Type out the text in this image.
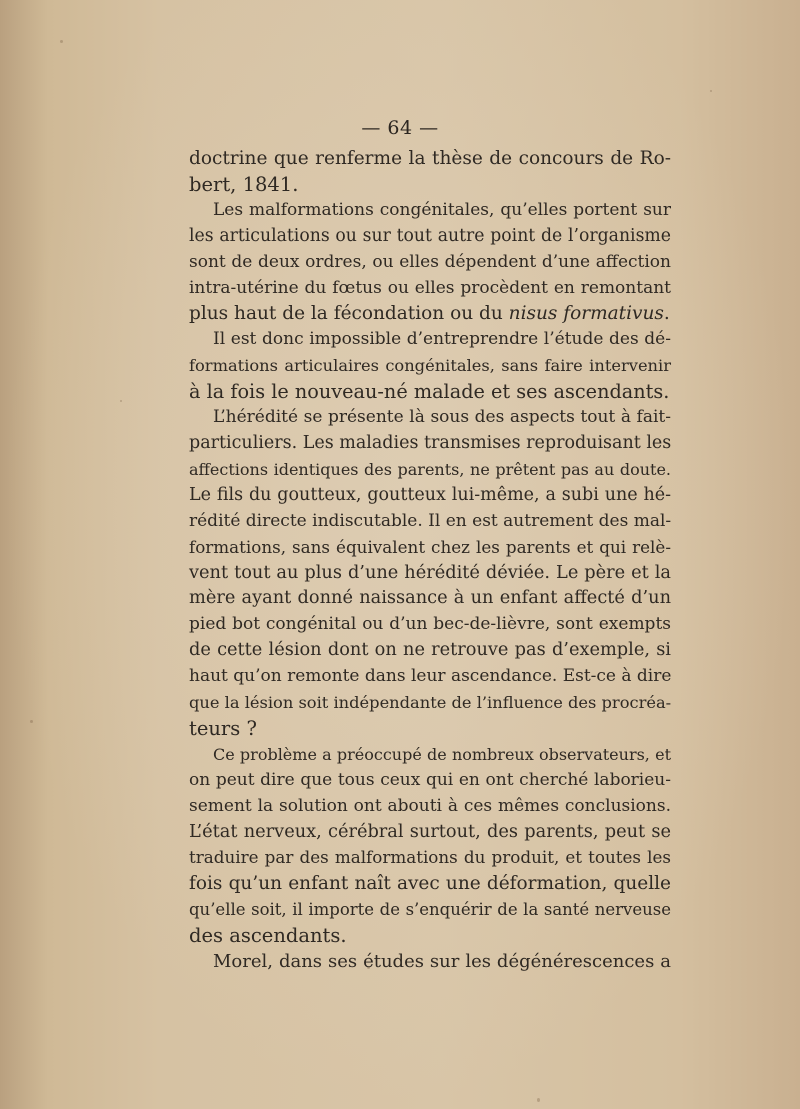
— 64 —
doctrine que renferme la thèse de concours de Ro-
bert, 1841.
Les malformations congénitales, qu’elles portent sur
les articulations ou sur tout autre point de l’organisme
sont de deux ordres, ou elles dépendent d’une affection
intra-utérine du fœtus ou elles procèdent en remontant
plus haut de la fécondation ou du nisus formativus.
Il est donc impossible d’entreprendre l’étude des dé-
formations articulaires congénitales, sans faire intervenir
à la fois le nouveau-né malade et ses ascendants.
L’hérédité se présente là sous des aspects tout à fait-
particuliers. Les maladies transmises reproduisant les
affections identiques des parents, ne prêtent pas au doute.
Le fils du goutteux, goutteux lui-même, a subi une hé-
rédité directe indiscutable. Il en est autrement des mal-
formations, sans équivalent chez les parents et qui relè-
vent tout au plus d’une hérédité déviée. Le père et la
mère ayant donné naissance à un enfant affecté d’un
pied bot congénital ou d’un bec-de-lièvre, sont exempts
de cette lésion dont on ne retrouve pas d’exemple, si
haut qu’on remonte dans leur ascendance. Est-ce à dire
que la lésion soit indépendante de l’influence des procréa-
teurs ?
Ce problème a préoccupé de nombreux observateurs, et
on peut dire que tous ceux qui en ont cherché laborieu-
sement la solution ont abouti à ces mêmes conclusions.
L’état nerveux, cérébral surtout, des parents, peut se
traduire par des malformations du produit, et toutes les
fois qu’un enfant naît avec une déformation, quelle
qu’elle soit, il importe de s’enquérir de la santé nerveuse
des ascendants.
Morel, dans ses études sur les dégénérescences a
